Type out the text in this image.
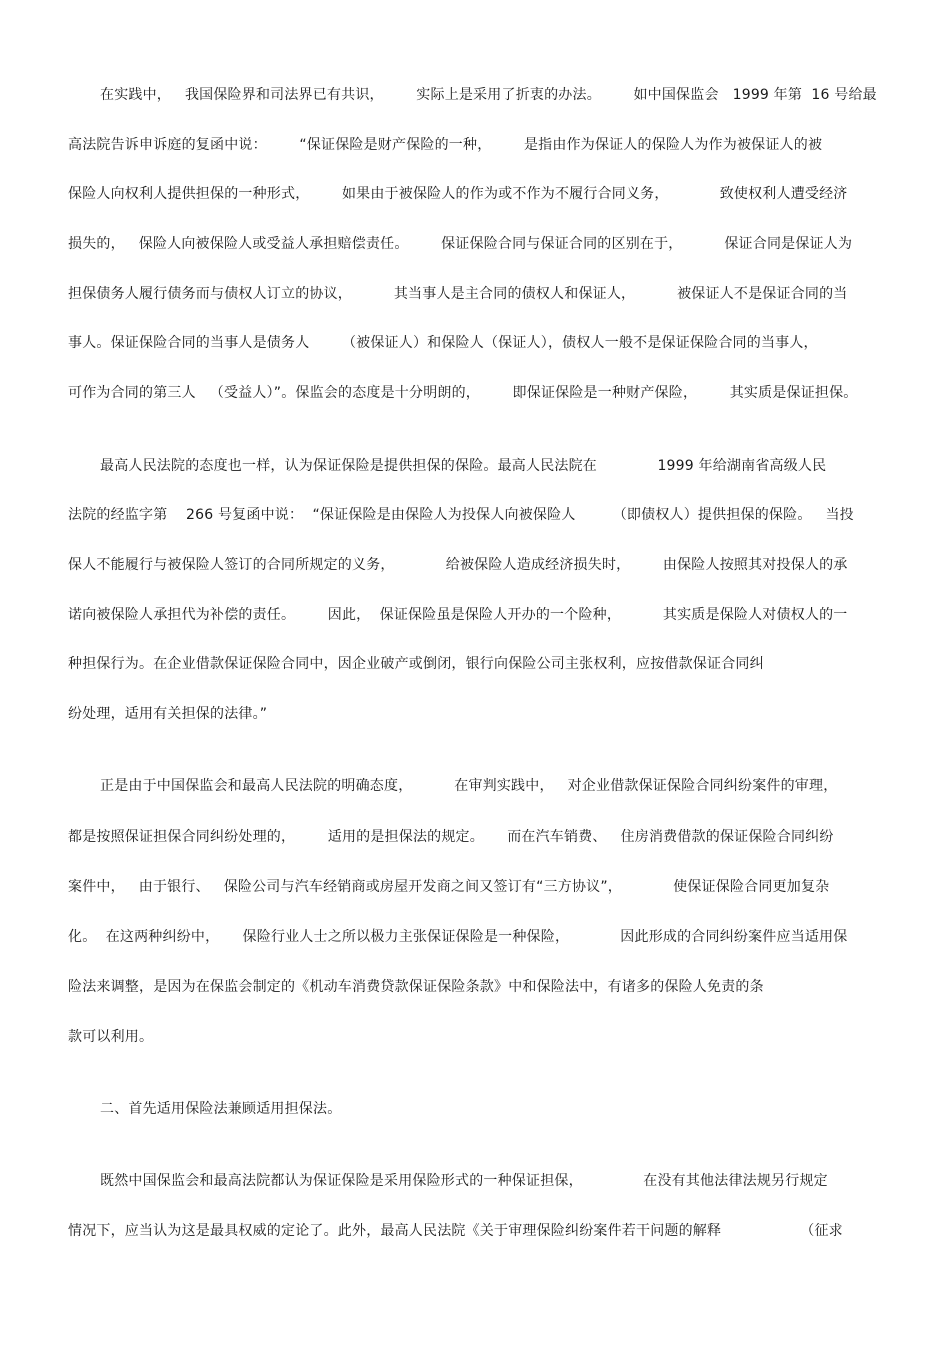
在实践中，   我国保险界和司法界已有共识，       实际上是采用了折衷的办法。       如中国保监会   1999 年第  16 号给最
高法院告诉申诉庭的复函中说：       “保证保险是财产保险的一种，       是指由作为保证人的保险人为作为被保证人的被
保险人向权利人提供担保的一种形式，       如果由于被保险人的作为或不作为不履行合同义务，           致使权利人遭受经济
损失的，   保险人向被保险人或受益人承担赔偿责任。       保证保险合同与保证合同的区别在于，         保证合同是保证人为
担保债务人履行债务而与债权人订立的协议，         其当事人是主合同的债权人和保证人，         被保证人不是保证合同的当
事人。保证保险合同的当事人是债务人       （被保证人）和保险人（保证人），债权人一般不是保证保险合同的当事人，
可作为合同的第三人   （受益人）”。保监会的态度是十分明朗的，       即保证保险是一种财产保险，       其实质是保证担保。
最高人民法院的态度也一样，认为保证保险是提供担保的保险。最高人民法院在             1999 年给湖南省高级人民
法院的经监字第    266 号复函中说：  “保证保险是由保险人为投保人向被保险人        （即债权人）提供担保的保险。   当投
保人不能履行与被保险人签订的合同所规定的义务，           给被保险人造成经济损失时，       由保险人按照其对投保人的承
诺向被保险人承担代为补偿的责任。       因此，  保证保险虽是保险人开办的一个险种，         其实质是保险人对债权人的一
种担保行为。在企业借款保证保险合同中，因企业破产或倒闭，银行向保险公司主张权利，应按借款保证合同纠
纷处理，适用有关担保的法律。”
正是由于中国保监会和最高人民法院的明确态度，         在审判实践中，   对企业借款保证保险合同纠纷案件的审理，
都是按照保证担保合同纠纷处理的，       适用的是担保法的规定。     而在汽车销费、   住房消费借款的保证保险合同纠纷
案件中，   由于银行、   保险公司与汽车经销商或房屋开发商之间又签订有“三方协议”，           使保证保险合同更加复杂
化。  在这两种纠纷中，     保险行业人士之所以极力主张保证保险是一种保险，           因此形成的合同纠纷案件应当适用保
险法来调整，是因为在保监会制定的《机动车消费贷款保证保险条款》中和保险法中，有诸多的保险人免责的条
款可以利用。
二、首先适用保险法兼顾适用担保法。
既然中国保监会和最高法院都认为保证保险是采用保险形式的一种保证担保，             在没有其他法律法规另行规定
情况下，应当认为这是最具权威的定论了。此外，最高人民法院《关于审理保险纠纷案件若干问题的解释                 （征求
